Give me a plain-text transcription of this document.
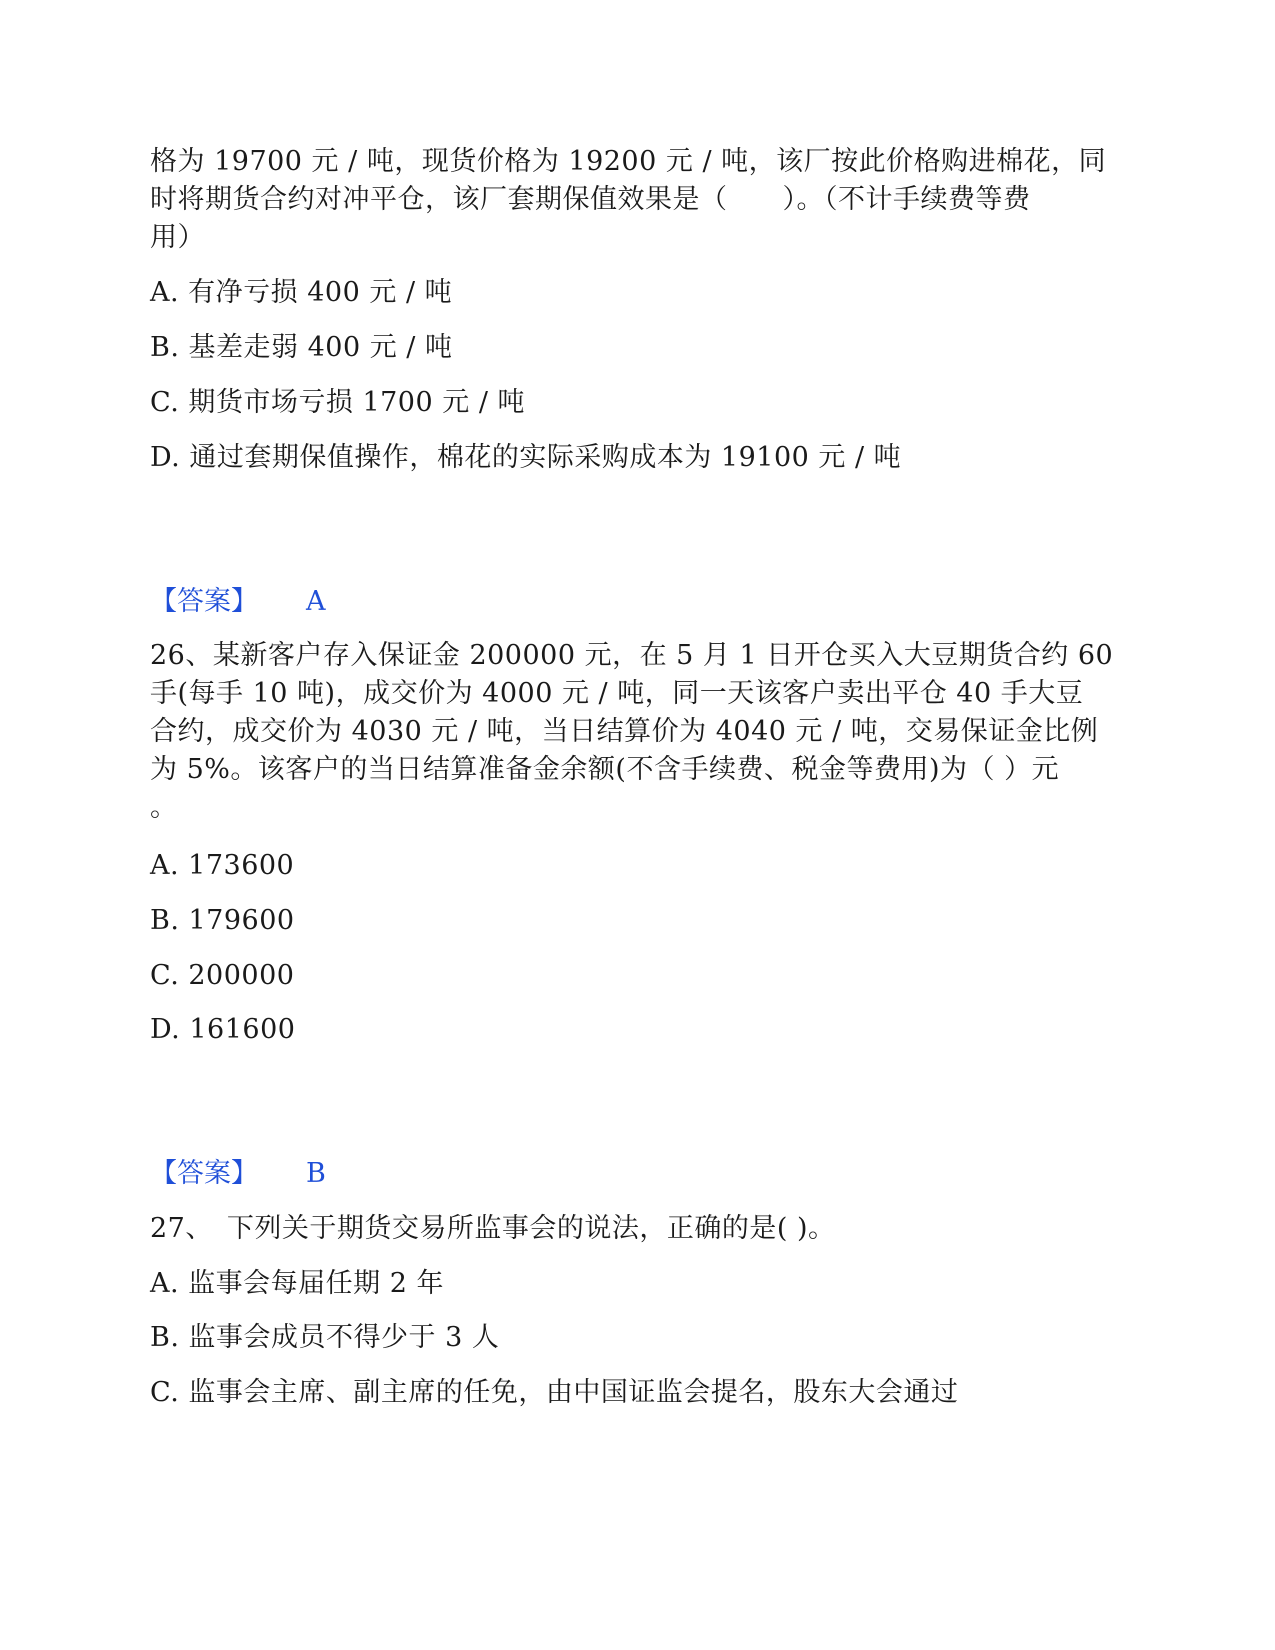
格为 19700 元 / 吨，现货价格为 19200 元 / 吨，该厂按此价格购进棉花，同
时将期货合约对冲平仓，该厂套期保值效果是（　　）。（不计手续费等费
用）
A. 有净亏损 400 元 / 吨
B. 基差走弱 400 元 / 吨
C. 期货市场亏损 1700 元 / 吨
D. 通过套期保值操作，棉花的实际采购成本为 19100 元 / 吨
【答案】 A
26、某新客户存入保证金 200000 元，在 5 月 1 日开仓买入大豆期货合约 60
手(每手 10 吨)，成交价为 4000 元 / 吨，同一天该客户卖出平仓 40 手大豆
合约，成交价为 4030 元 / 吨，当日结算价为 4040 元 / 吨，交易保证金比例
为 5%。该客户的当日结算准备金余额(不含手续费、税金等费用)为（ ）元
。
A. 173600
B. 179600
C. 200000
D. 161600
【答案】 B
27、　下列关于期货交易所监事会的说法，正确的是( )。
A. 监事会每届任期 2 年
B. 监事会成员不得少于 3 人
C. 监事会主席、副主席的任免，由中国证监会提名，股东大会通过
